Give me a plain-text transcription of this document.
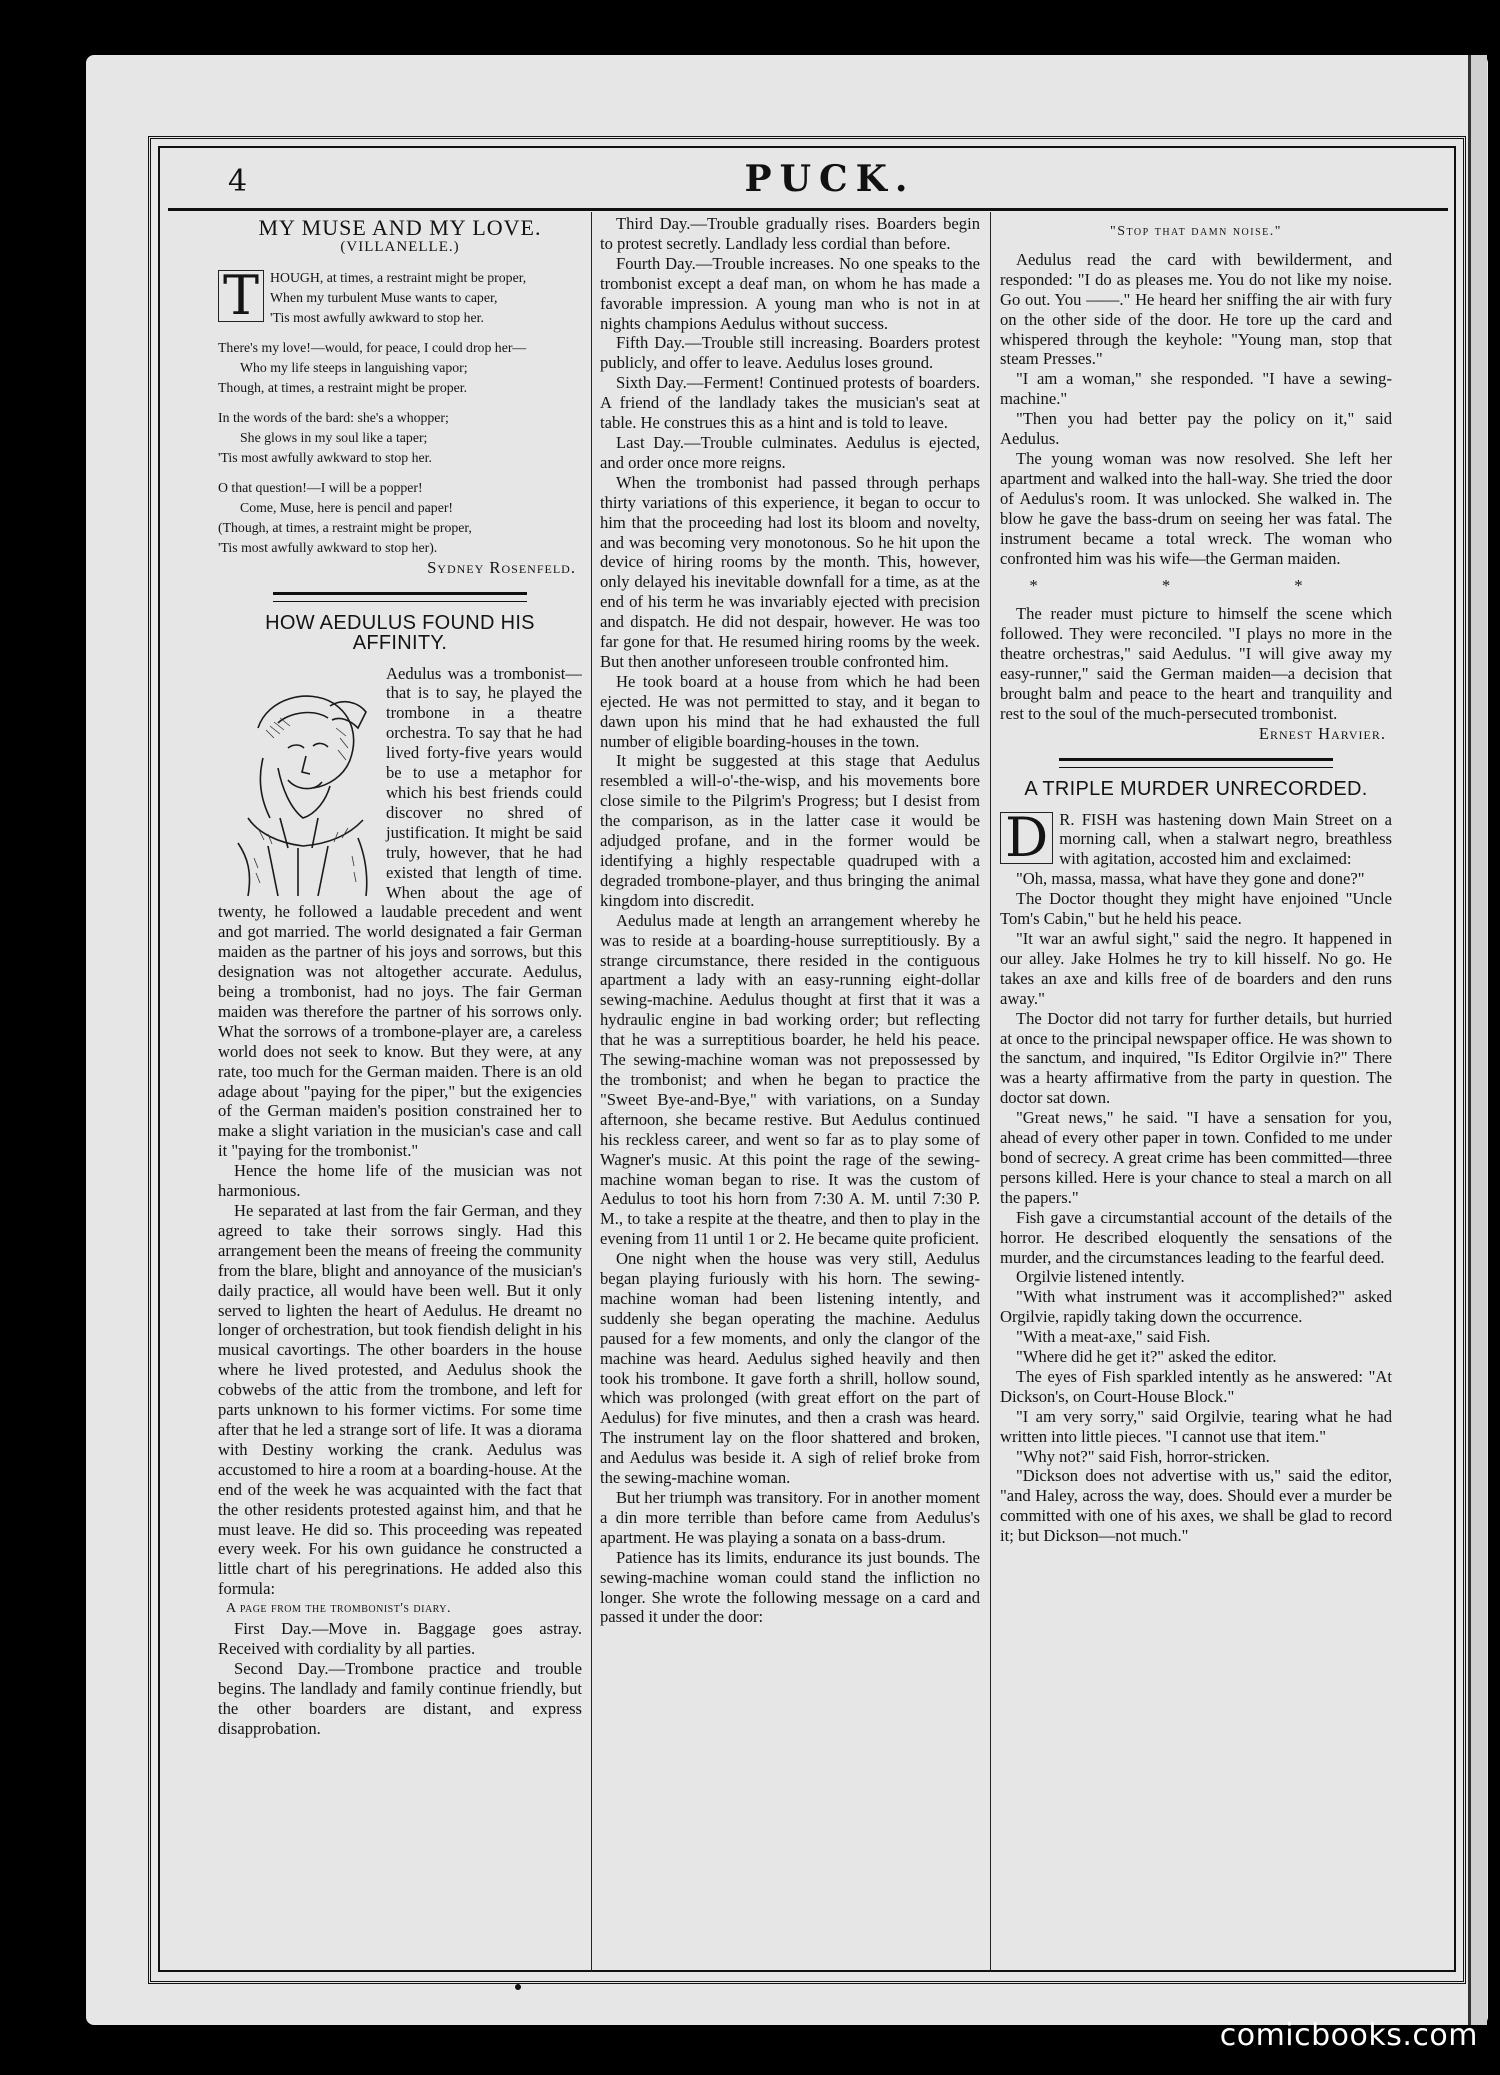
4	PUCK.

MY MUSE AND MY LOVE.

(VILLANELLE.)

T HOUGH, at times, a restraint might be proper,
When my turbulent Muse wants to caper,
'Tis most awfully awkward to stop her.
There's my love!—would, for peace, I could drop her—
Who my life steeps in languishing vapor;
Though, at times, a restraint might be proper.
In the words of the bard: she's a whopper;
She glows in my soul like a taper;
'Tis most awfully awkward to stop her.
O that question!—I will be a popper!
Come, Muse, here is pencil and paper!
(Though, at times, a restraint might be proper,
'Tis most awfully awkward to stop her).

Sydney Rosenfeld.

HOW AEDULUS FOUND HIS AFFINITY.

Aedulus was a trombonist—that is to say, he played the trombone in a theatre orchestra. To say that he had lived forty-five years would be to use a metaphor for which his best friends could discover no shred of justification. It might be said truly, however, that he had existed that length of time. When about the age of twenty, he followed a laudable precedent and went and got married. The world designated a fair German maiden as the partner of his joys and sorrows, but this designation was not altogether accurate. Aedulus, being a trombonist, had no joys. The fair German maiden was therefore the partner of his sorrows only. What the sorrows of a trombone-player are, a careless world does not seek to know. But they were, at any rate, too much for the German maiden. There is an old adage about "paying for the piper," but the exigencies of the German maiden's position constrained her to make a slight variation in the musician's case and call it "paying for the trombonist."

Hence the home life of the musician was not harmonious.

He separated at last from the fair German, and they agreed to take their sorrows singly. Had this arrangement been the means of freeing the community from the blare, blight and annoyance of the musician's daily practice, all would have been well. But it only served to lighten the heart of Aedulus. He dreamt no longer of orchestration, but took fiendish delight in his musical cavortings. The other boarders in the house where he lived protested, and Aedulus shook the cobwebs of the attic from the trombone, and left for parts unknown to his former victims. For some time after that he led a strange sort of life. It was a diorama with Destiny working the crank. Aedulus was accustomed to hire a room at a boarding-house. At the end of the week he was acquainted with the fact that the other residents protested against him, and that he must leave. He did so. This proceeding was repeated every week. For his own guidance he constructed a little chart of his peregrinations. He added also this formula:

A page from the trombonist's diary.

First Day.—Move in. Baggage goes astray. Received with cordiality by all parties.

Second Day.—Trombone practice and trouble begins. The landlady and family continue friendly, but the other boarders are distant, and express disapprobation.

Third Day.—Trouble gradually rises. Boarders begin to protest secretly. Landlady less cordial than before.

Fourth Day.—Trouble increases. No one speaks to the trombonist except a deaf man, on whom he has made a favorable impression. A young man who is not in at nights champions Aedulus without success.

Fifth Day.—Trouble still increasing. Boarders protest publicly, and offer to leave. Aedulus loses ground.

Sixth Day.—Ferment! Continued protests of boarders. A friend of the landlady takes the musician's seat at table. He construes this as a hint and is told to leave.

Last Day.—Trouble culminates. Aedulus is ejected, and order once more reigns.

When the trombonist had passed through perhaps thirty variations of this experience, it began to occur to him that the proceeding had lost its bloom and novelty, and was becoming very monotonous. So he hit upon the device of hiring rooms by the month. This, however, only delayed his inevitable downfall for a time, as at the end of his term he was invariably ejected with precision and dispatch. He did not despair, however. He was too far gone for that. He resumed hiring rooms by the week. But then another unforeseen trouble confronted him.

He took board at a house from which he had been ejected. He was not permitted to stay, and it began to dawn upon his mind that he had exhausted the full number of eligible boarding-houses in the town.

It might be suggested at this stage that Aedulus resembled a will-o'-the-wisp, and his movements bore close simile to the Pilgrim's Progress; but I desist from the comparison, as in the latter case it would be adjudged profane, and in the former would be identifying a highly respectable quadruped with a degraded trombone-player, and thus bringing the animal kingdom into discredit.

Aedulus made at length an arrangement whereby he was to reside at a boarding-house surreptitiously. By a strange circumstance, there resided in the contiguous apartment a lady with an easy-running eight-dollar sewing-machine. Aedulus thought at first that it was a hydraulic engine in bad working order; but reflecting that he was a surreptitious boarder, he held his peace. The sewing-machine woman was not prepossessed by the trombonist; and when he began to practice the "Sweet Bye-and-Bye," with variations, on a Sunday afternoon, she became restive. But Aedulus continued his reckless career, and went so far as to play some of Wagner's music. At this point the rage of the sewing-machine woman began to rise. It was the custom of Aedulus to toot his horn from 7:30 A. M. until 7:30 P. M., to take a respite at the theatre, and then to play in the evening from 11 until 1 or 2. He became quite proficient.

One night when the house was very still, Aedulus began playing furiously with his horn. The sewing-machine woman had been listening intently, and suddenly she began operating the machine. Aedulus paused for a few moments, and only the clangor of the machine was heard. Aedulus sighed heavily and then took his trombone. It gave forth a shrill, hollow sound, which was prolonged (with great effort on the part of Aedulus) for five minutes, and then a crash was heard. The instrument lay on the floor shattered and broken, and Aedulus was beside it. A sigh of relief broke from the sewing-machine woman.

But her triumph was transitory. For in another moment a din more terrible than before came from Aedulus's apartment. He was playing a sonata on a bass-drum.

Patience has its limits, endurance its just bounds. The sewing-machine woman could stand the infliction no longer. She wrote the following message on a card and passed it under the door:

"Stop that damn noise."

Aedulus read the card with bewilderment, and responded: "I do as pleases me. You do not like my noise. Go out. You ——." He heard her sniffing the air with fury on the other side of the door. He tore up the card and whispered through the keyhole: "Young man, stop that steam Presses."

"I am a woman," she responded. "I have a sewing-machine."

"Then you had better pay the policy on it," said Aedulus.

The young woman was now resolved. She left her apartment and walked into the hall-way. She tried the door of Aedulus's room. It was unlocked. She walked in. The blow he gave the bass-drum on seeing her was fatal. The instrument became a total wreck. The woman who confronted him was his wife—the German maiden.

* * *

The reader must picture to himself the scene which followed. They were reconciled. "I plays no more in the theatre orchestras," said Aedulus. "I will give away my easy-runner," said the German maiden—a decision that brought balm and peace to the heart and tranquility and rest to the soul of the much-persecuted trombonist.

Ernest Harvier.

A TRIPLE MURDER UNRECORDED.

D R. FISH was hastening down Main Street on a morning call, when a stalwart negro, breathless with agitation, accosted him and exclaimed:

"Oh, massa, massa, what have they gone and done?"

The Doctor thought they might have enjoined "Uncle Tom's Cabin," but he held his peace.

"It war an awful sight," said the negro. It happened in our alley. Jake Holmes he try to kill hisself. No go. He takes an axe and kills free of de boarders and den runs away."

The Doctor did not tarry for further details, but hurried at once to the principal newspaper office. He was shown to the sanctum, and inquired, "Is Editor Orgilvie in?" There was a hearty affirmative from the party in question. The doctor sat down.

"Great news," he said. "I have a sensation for you, ahead of every other paper in town. Confided to me under bond of secrecy. A great crime has been committed—three persons killed. Here is your chance to steal a march on all the papers."

Fish gave a circumstantial account of the details of the horror. He described eloquently the sensations of the murder, and the circumstances leading to the fearful deed.

Orgilvie listened intently.

"With what instrument was it accomplished?" asked Orgilvie, rapidly taking down the occurrence.

"With a meat-axe," said Fish.

"Where did he get it?" asked the editor.

The eyes of Fish sparkled intently as he answered: "At Dickson's, on Court-House Block."

"I am very sorry," said Orgilvie, tearing what he had written into little pieces. "I cannot use that item."

"Why not?" said Fish, horror-stricken.

"Dickson does not advertise with us," said the editor, "and Haley, across the way, does. Should ever a murder be committed with one of his axes, we shall be glad to record it; but Dickson—not much."

comicbooks.com
